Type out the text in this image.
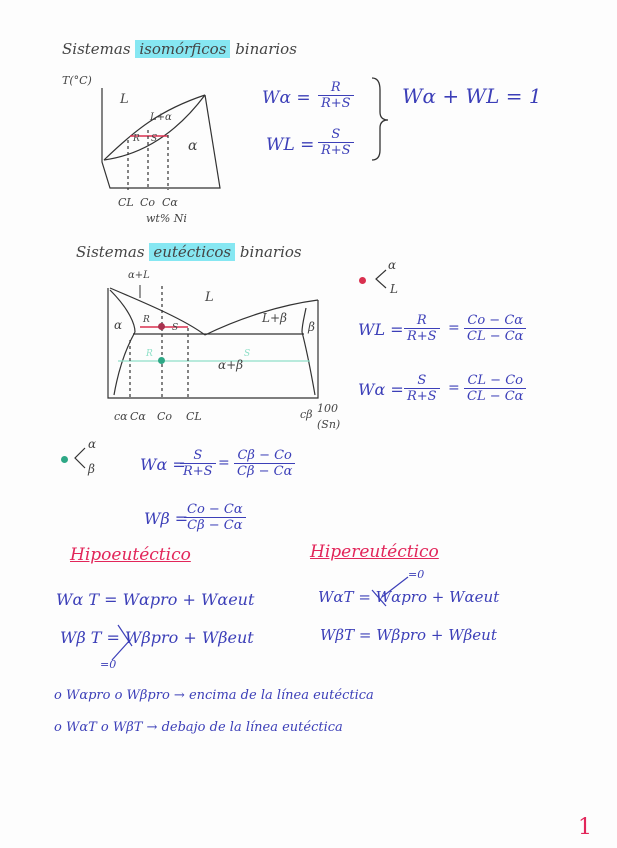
Sistemas isomórficos binarios
T(°C)
L
L+α
α
R S
CL Co Cα
wt% Ni
$W\alpha = \frac{R}{R+S}$
WL = $\frac{S}{R+S}$
Wα + WL = 1
Sistemas eutécticos binarios
α+L
L
L+β
α	β
α+β
R
S
R	S
cα Cα Co CL	cβ 100
(Sn)
α
L
WL = $\frac{R}{R+S} = \frac{Co - C\alpha}{CL - C\alpha}$
$W\alpha = \frac{S}{R+S} = \frac{CL - Co}{CL - C\alpha}$
α
β	Wα =
$\frac{S}{R+S} = \frac{C\beta - Co}{C\beta - C\alpha}$
Wβ =
$\frac{Co - C\alpha}{C\beta - C\alpha}$
Hipoeutéctico	Hipereutéctico
Wα T = Wαpro + Wαeut
Wβ T = Wβpro + Wβeut
=0
WαT = Wαpro + Wαeut
WβT = Wβpro + Wβeut
=0
o Wαpro o Wβpro → encima de la línea eutéctica
o WαT o WβT → debajo de la línea eutéctica
1
